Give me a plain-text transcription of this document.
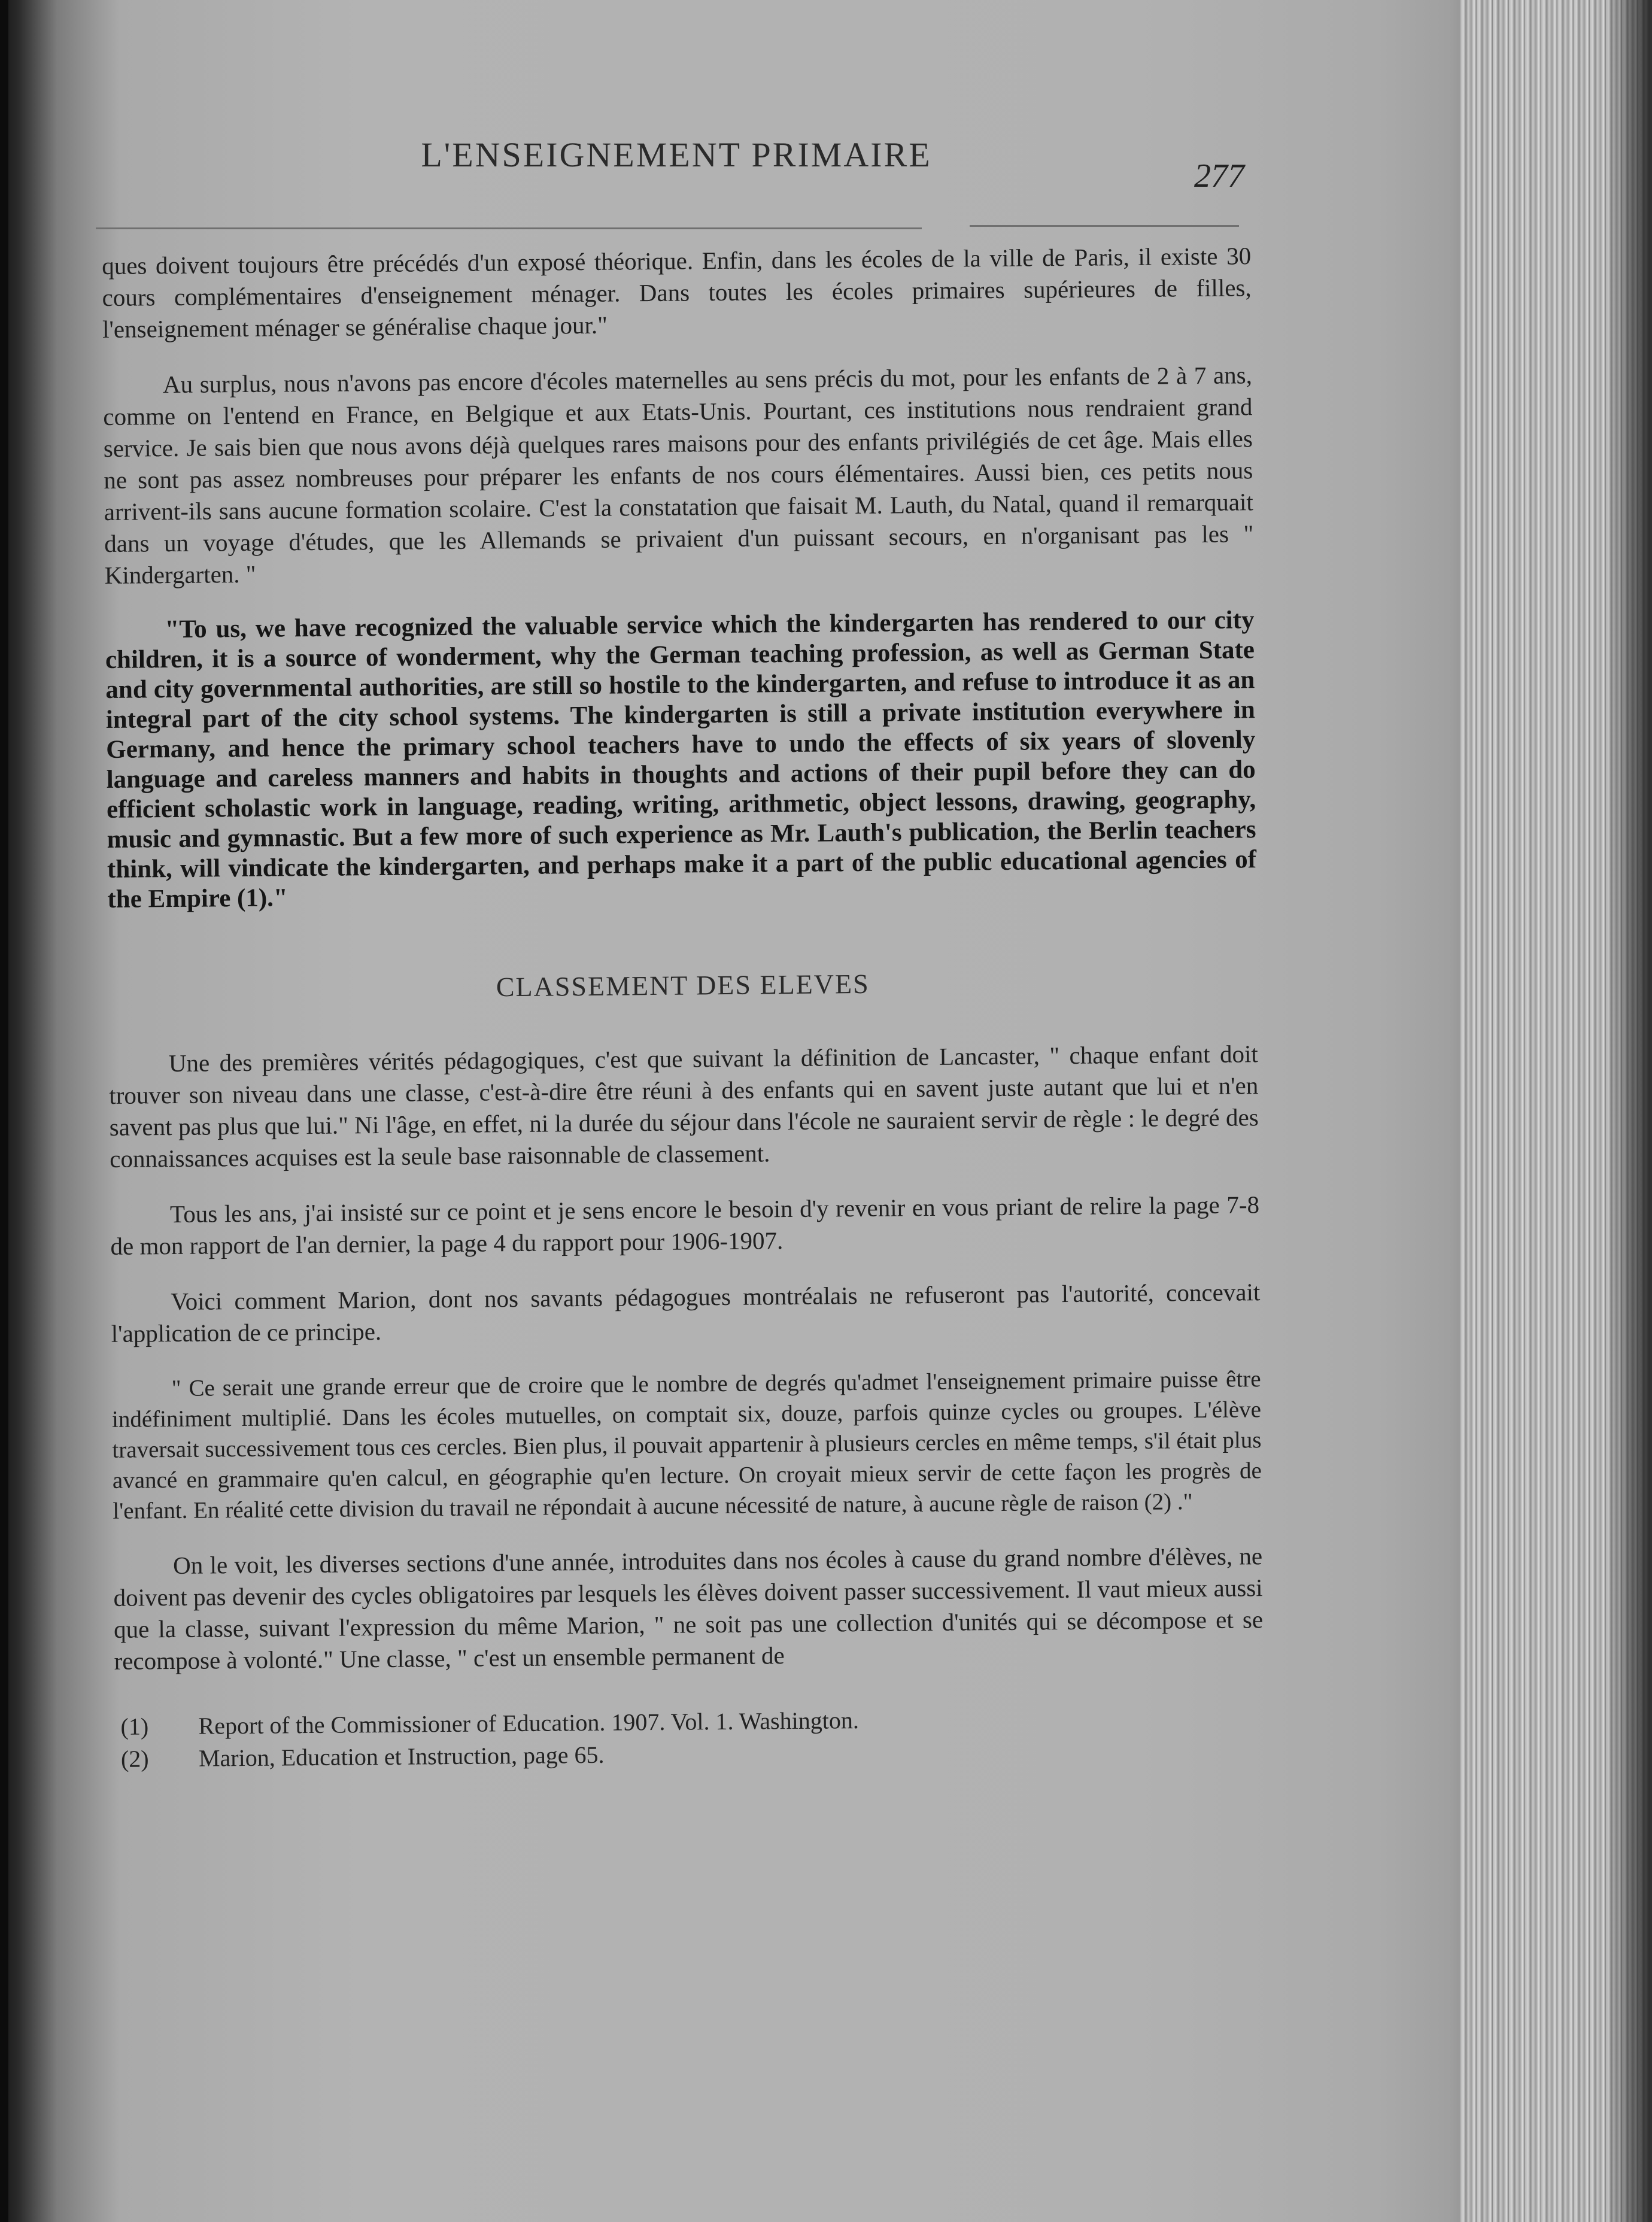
L'ENSEIGNEMENT PRIMAIRE
277

ques doivent toujours être précédés d'un exposé théorique. Enfin, dans les écoles de la ville de Paris, il existe 30 cours complémentaires d'enseignement ménager. Dans toutes les écoles primaires supérieures de filles, l'enseignement ménager se généralise chaque jour."

Au surplus, nous n'avons pas encore d'écoles maternelles au sens précis du mot, pour les enfants de 2 à 7 ans, comme on l'entend en France, en Belgique et aux Etats-Unis. Pourtant, ces institutions nous rendraient grand service. Je sais bien que nous avons déjà quelques rares maisons pour des enfants privilégiés de cet âge. Mais elles ne sont pas assez nombreuses pour préparer les enfants de nos cours élémentaires. Aussi bien, ces petits nous arrivent-ils sans aucune formation scolaire. C'est la constatation que faisait M. Lauth, du Natal, quand il remarquait dans un voyage d'études, que les Allemands se privaient d'un puissant secours, en n'organisant pas les " Kindergarten. "

"To us, we have recognized the valuable service which the kindergarten has rendered to our city children, it is a source of wonderment, why the German teaching profession, as well as German State and city governmental authorities, are still so hostile to the kindergarten, and refuse to introduce it as an integral part of the city school systems. The kindergarten is still a private institution everywhere in Germany, and hence the primary school teachers have to undo the effects of six years of slovenly language and careless manners and habits in thoughts and actions of their pupil before they can do efficient scholastic work in language, reading, writing, arithmetic, object lessons, drawing, geography, music and gymnastic. But a few more of such experience as Mr. Lauth's publication, the Berlin teachers think, will vindicate the kindergarten, and perhaps make it a part of the public educational agencies of the Empire (1)."

CLASSEMENT DES ELEVES

Une des premières vérités pédagogiques, c'est que suivant la définition de Lancaster, " chaque enfant doit trouver son niveau dans une classe, c'est-à-dire être réuni à des enfants qui en savent juste autant que lui et n'en savent pas plus que lui." Ni l'âge, en effet, ni la durée du séjour dans l'école ne sauraient servir de règle : le degré des connaissances acquises est la seule base raisonnable de classement.

Tous les ans, j'ai insisté sur ce point et je sens encore le besoin d'y revenir en vous priant de relire la page 7-8 de mon rapport de l'an dernier, la page 4 du rapport pour 1906-1907.

Voici comment Marion, dont nos savants pédagogues montréalais ne refuseront pas l'autorité, concevait l'application de ce principe.

" Ce serait une grande erreur que de croire que le nombre de degrés qu'admet l'enseignement primaire puisse être indéfiniment multiplié. Dans les écoles mutuelles, on comptait six, douze, parfois quinze cycles ou groupes. L'élève traversait successivement tous ces cercles. Bien plus, il pouvait appartenir à plusieurs cercles en même temps, s'il était plus avancé en grammaire qu'en calcul, en géographie qu'en lecture. On croyait mieux servir de cette façon les progrès de l'enfant. En réalité cette division du travail ne répondait à aucune nécessité de nature, à aucune règle de raison (2) ."

On le voit, les diverses sections d'une année, introduites dans nos écoles à cause du grand nombre d'élèves, ne doivent pas devenir des cycles obligatoires par lesquels les élèves doivent passer successivement. Il vaut mieux aussi que la classe, suivant l'expression du même Marion, " ne soit pas une collection d'unités qui se décompose et se recompose à volonté." Une classe, " c'est un ensemble permanent de

(1) Report of the Commissioner of Education. 1907. Vol. 1. Washington.
(2) Marion, Education et Instruction, page 65.
